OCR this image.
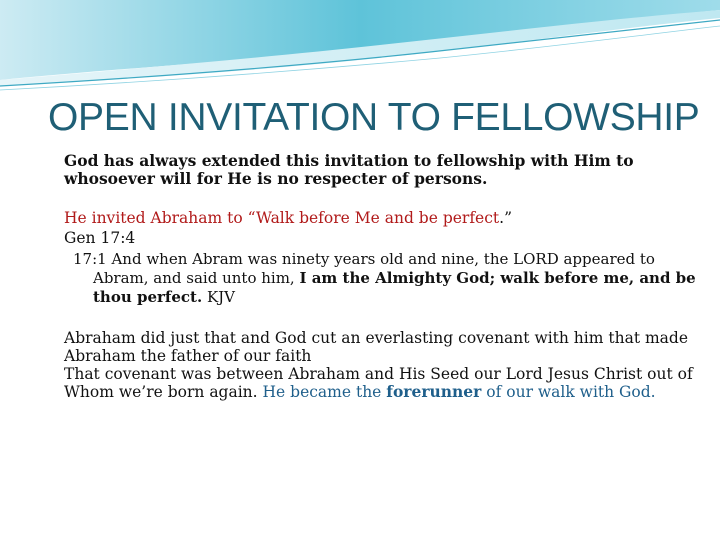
OPEN INVITATION TO FELLOWSHIP

God has always extended this invitation to fellowship with Him to whosoever will for He is no respecter of persons.

He invited Abraham to “Walk before Me and be perfect.”

Gen 17:4

17:1 And when Abram was ninety years old and nine, the LORD appeared to Abram, and said unto him, I am the Almighty God; walk before me, and be thou perfect. KJV

Abraham did just that and God cut an everlasting covenant with him that made Abraham the father of our faith

That covenant was between Abraham and His Seed our Lord Jesus Christ out of Whom we’re born again. He became the forerunner of our walk with God.
